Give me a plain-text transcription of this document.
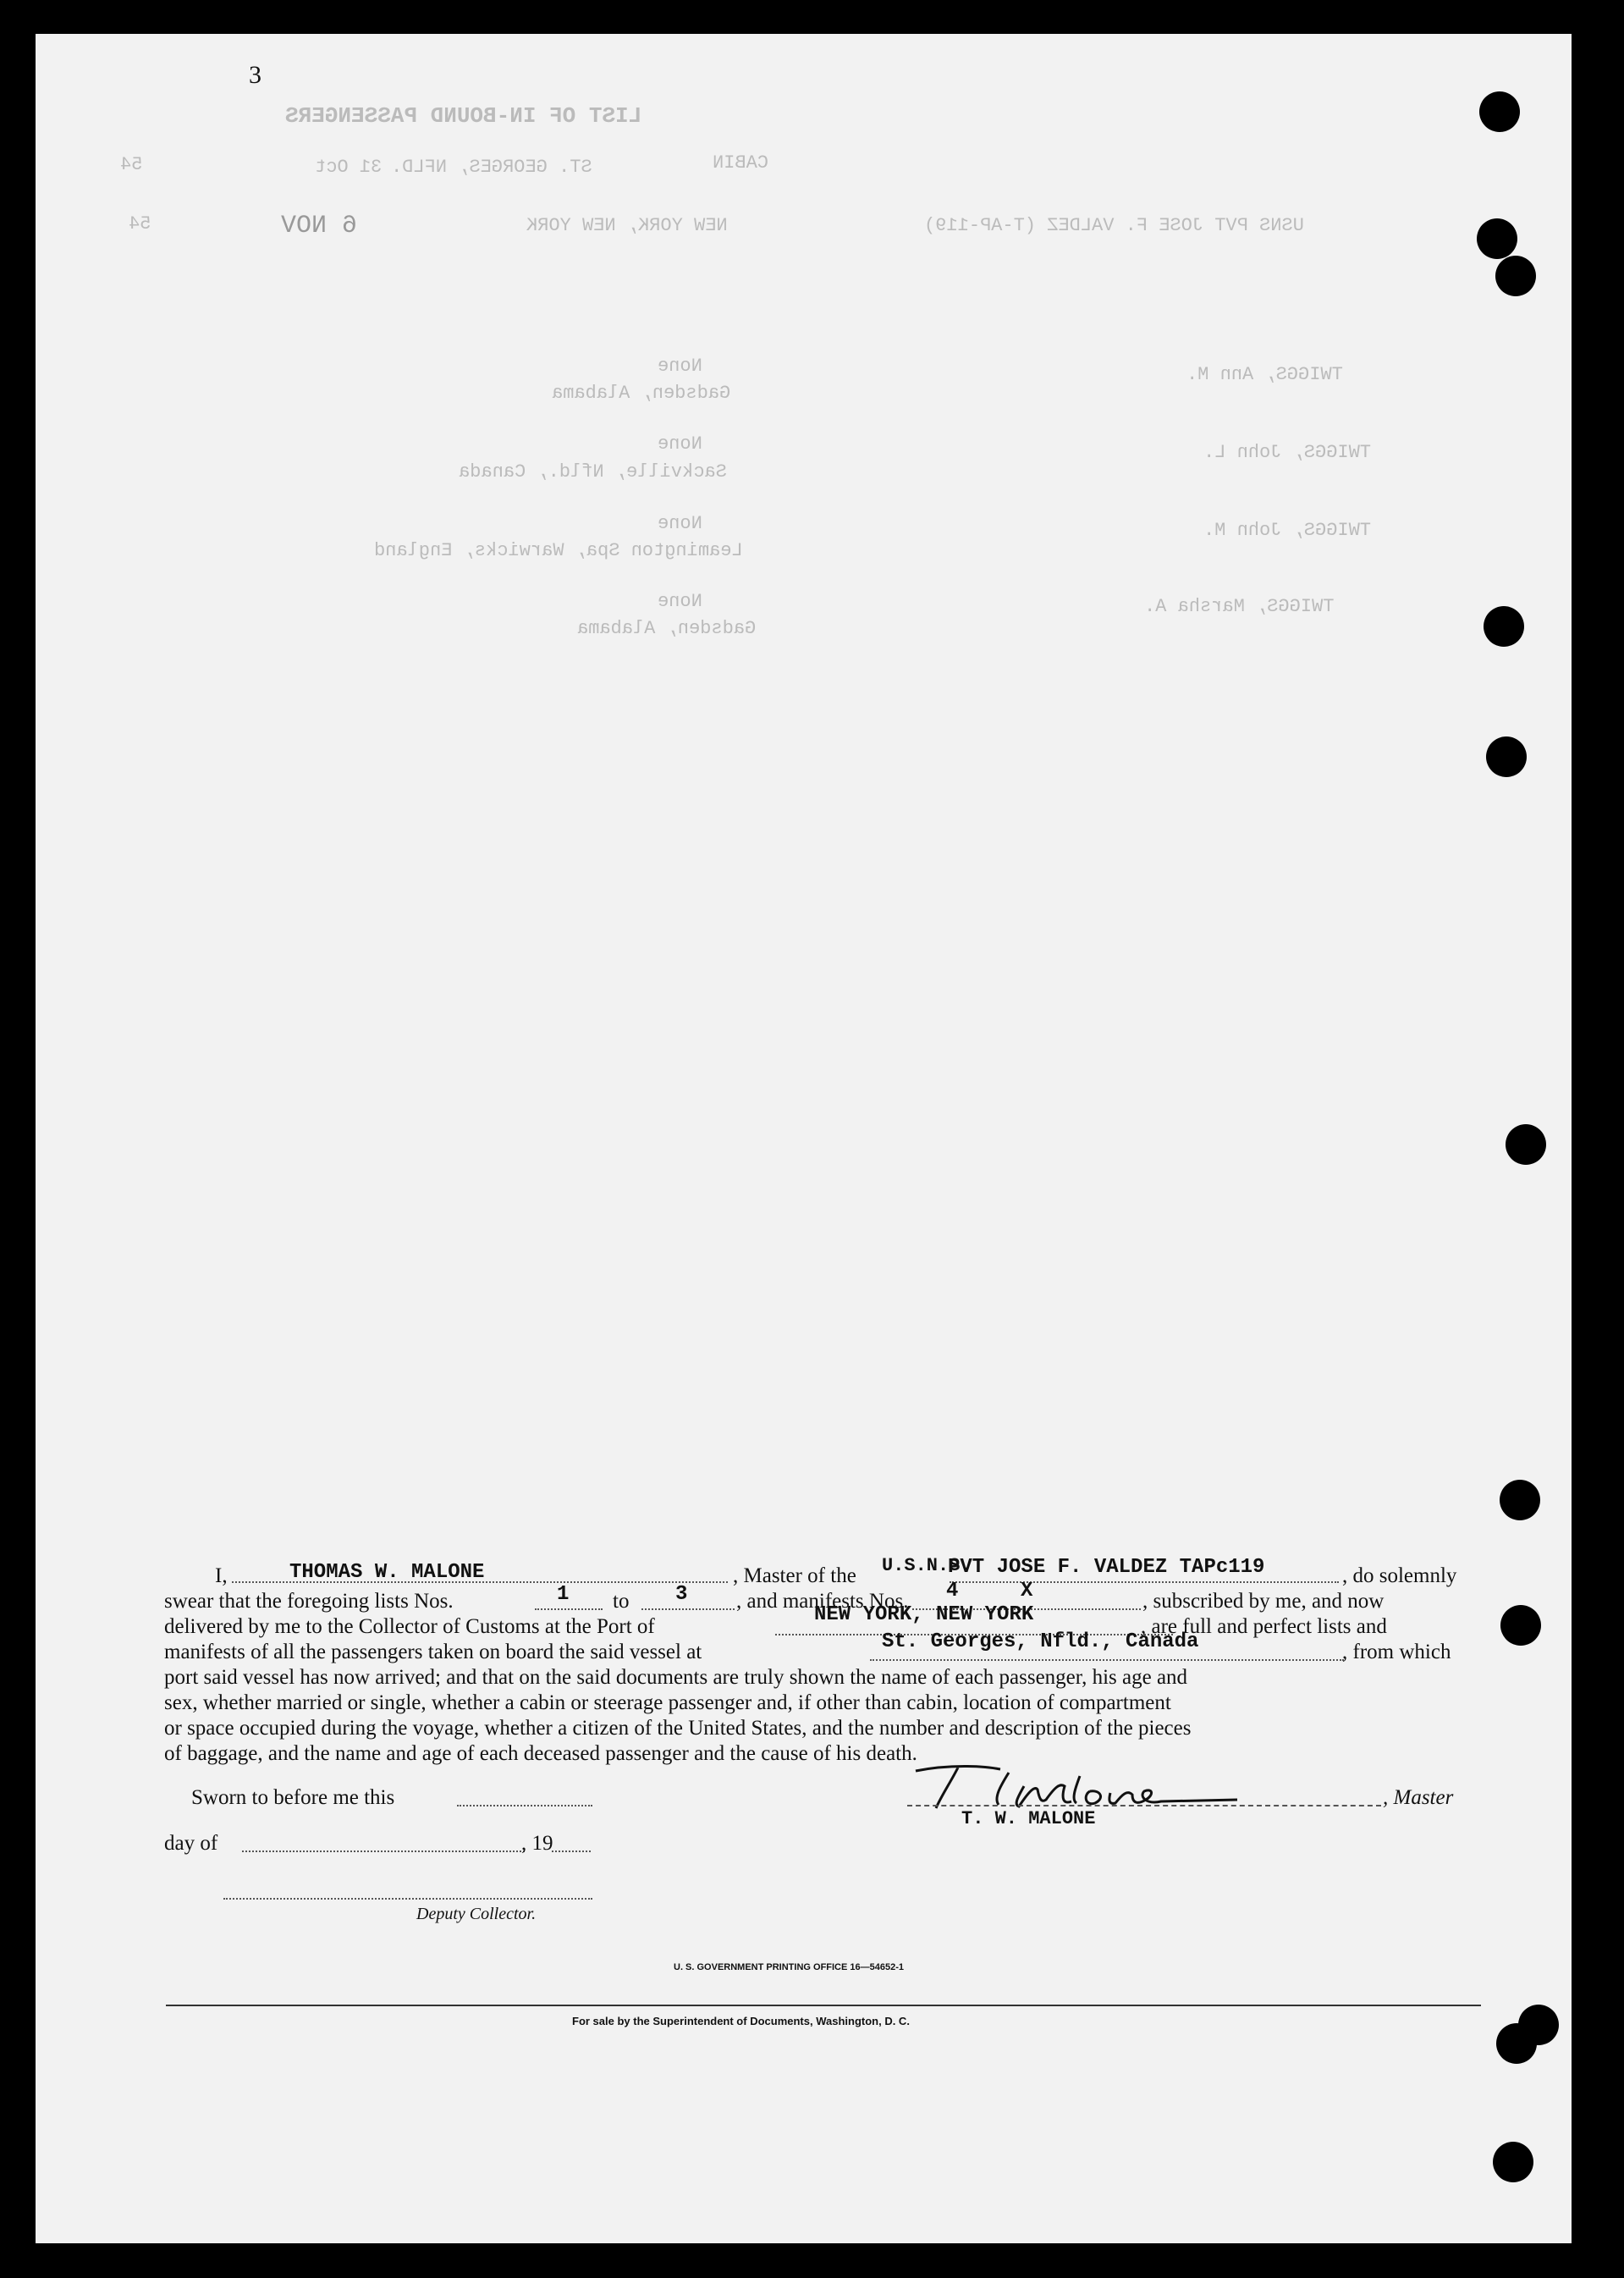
3
LIST OF IN-BOUND PASSENGERS
CABIN
ST. GEORGES, NFLD.
31 Oct
54
USNS PVT JOSE F. VALDEZ (T-AP-119)
NEW YORK, NEW YORK
6 NOV
54
TWIGGS, Ann M.
None
Gadsden, Alabama
TWIGGS, John L.
None
Sackville, Nfld., Canada
TWIGGS, John M.
None
Leamington Spa, Warwicks, England
TWIGGS, Marsha A.
None
Gadsden, Alabama
I,	THOMAS W. MALONE	, Master of the U.S.N.S.
PVT JOSE F. VALDEZ TAPc119	, do solemnly
swear that the foregoing lists Nos.	1 to 3 , and manifests Nos. 4	X	, subscribed by me, and now
delivered by me to the Collector of Customs at the Port of
NEW YORK, NEW YORK
, are full and perfect lists and
manifests of all the passengers taken on board the said vessel at	St. Georges, Nfld., Canada	, from which
port said vessel has now arrived; and that on the said documents are truly shown the name of each passenger, his age and
sex, whether married or single, whether a cabin or steerage passenger and, if other than cabin, location of compartment
or space occupied during the voyage, whether a citizen of the United States, and the number and description of the pieces
of baggage, and the name and age of each deceased passenger and the cause of his death.
Sworn to before me this	, Master
T. W. MALONE
day of	, 19
Deputy Collector.
U. S. GOVERNMENT PRINTING OFFICE 16—54652-1
For sale by the Superintendent of Documents, Washington, D. C.
